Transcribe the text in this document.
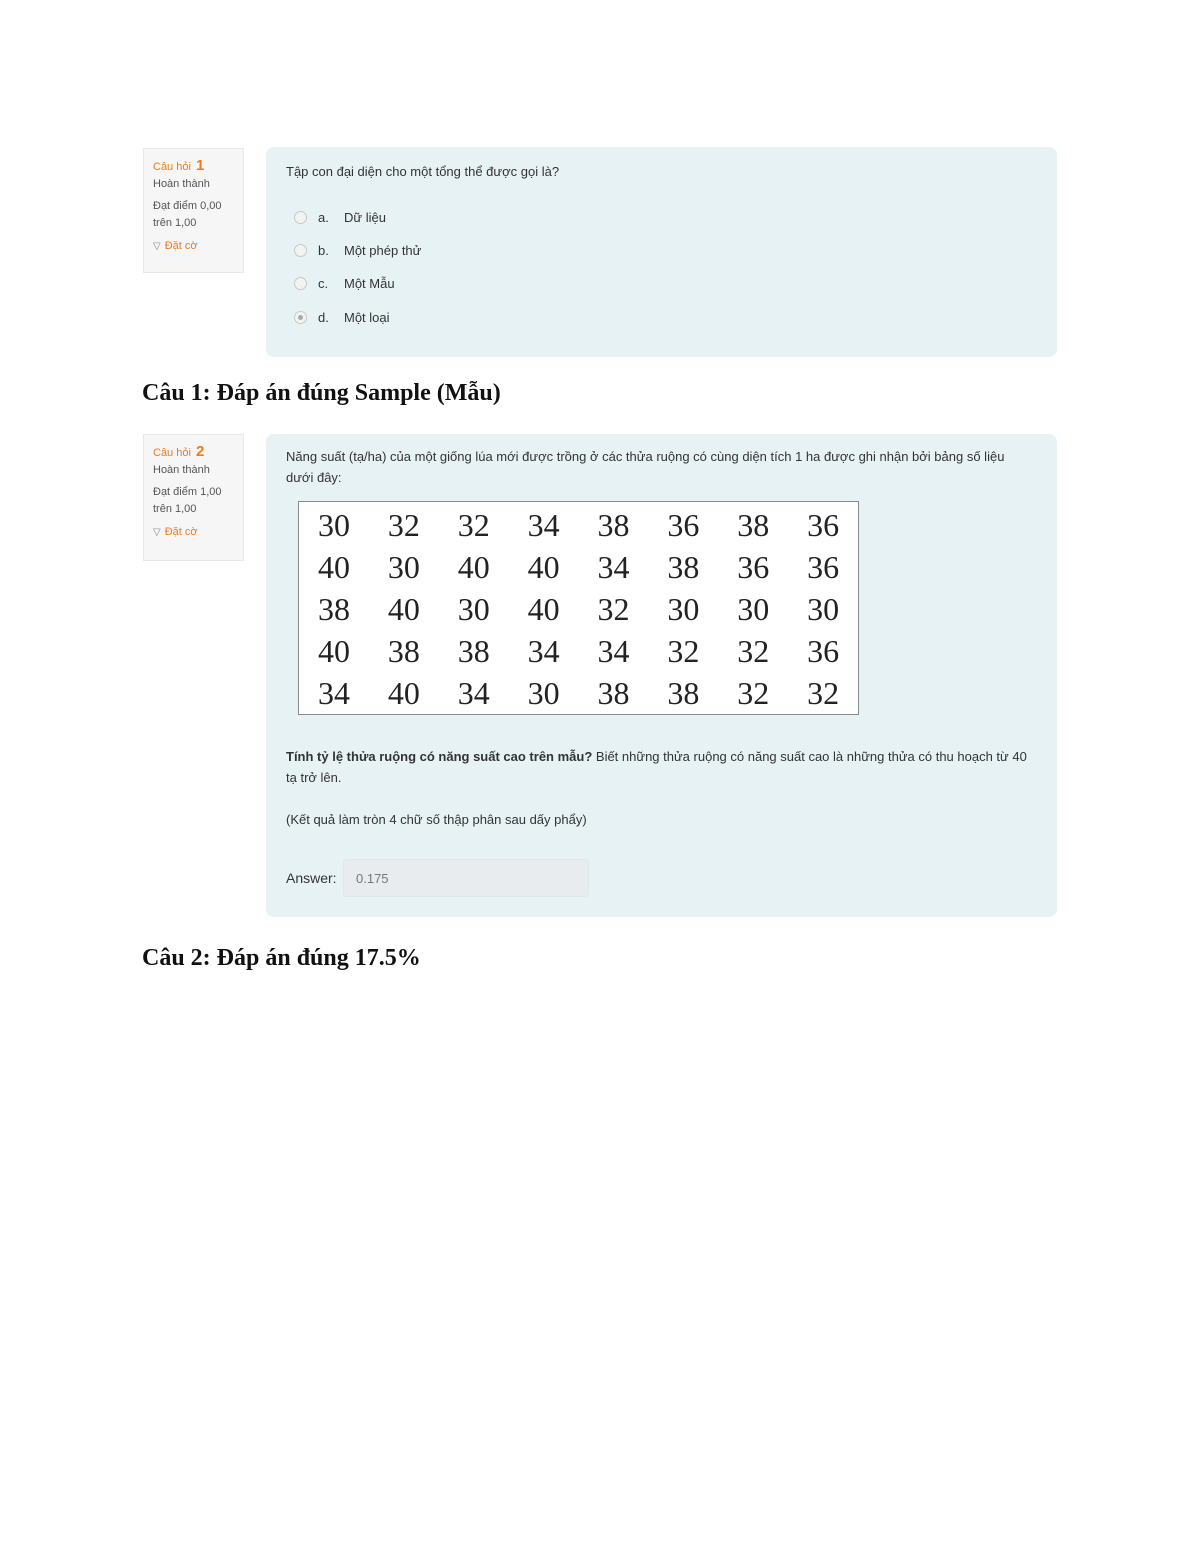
Câu hỏi 1
Hoàn thành
Đạt điểm 0,00
trên 1,00
▽ Đặt cờ
Tập con đại diện cho một tổng thể được gọi là?
a.	Dữ liệu
b.	Một phép thử
c.	Một Mẫu
d.	Một loại
Câu 1: Đáp án đúng Sample (Mẫu)
Câu hỏi 2
Hoàn thành
Đạt điểm 1,00
trên 1,00
▽ Đặt cờ
Năng suất (tạ/ha) của một giống lúa mới được trồng ở các thửa ruộng có cùng diện tích 1 ha được ghi nhận bởi bảng số liệu dưới đây:
Tính tỷ lệ thửa ruộng có năng suất cao trên mẫu? Biết những thửa ruộng có năng suất cao là những thửa có thu hoạch từ 40 tạ trở lên.
(Kết quả làm tròn 4 chữ số thập phân sau dấy phẩy)
30	32	32	34	38	36	38	36
40	30	40	40	34	38	36	36
38	40	30	40	32	30	30	30
40	38	38	34	34	32	32	36
34	40	34	30	38	38	32	32
Answer:	0.175
Câu 2: Đáp án đúng 17.5%
